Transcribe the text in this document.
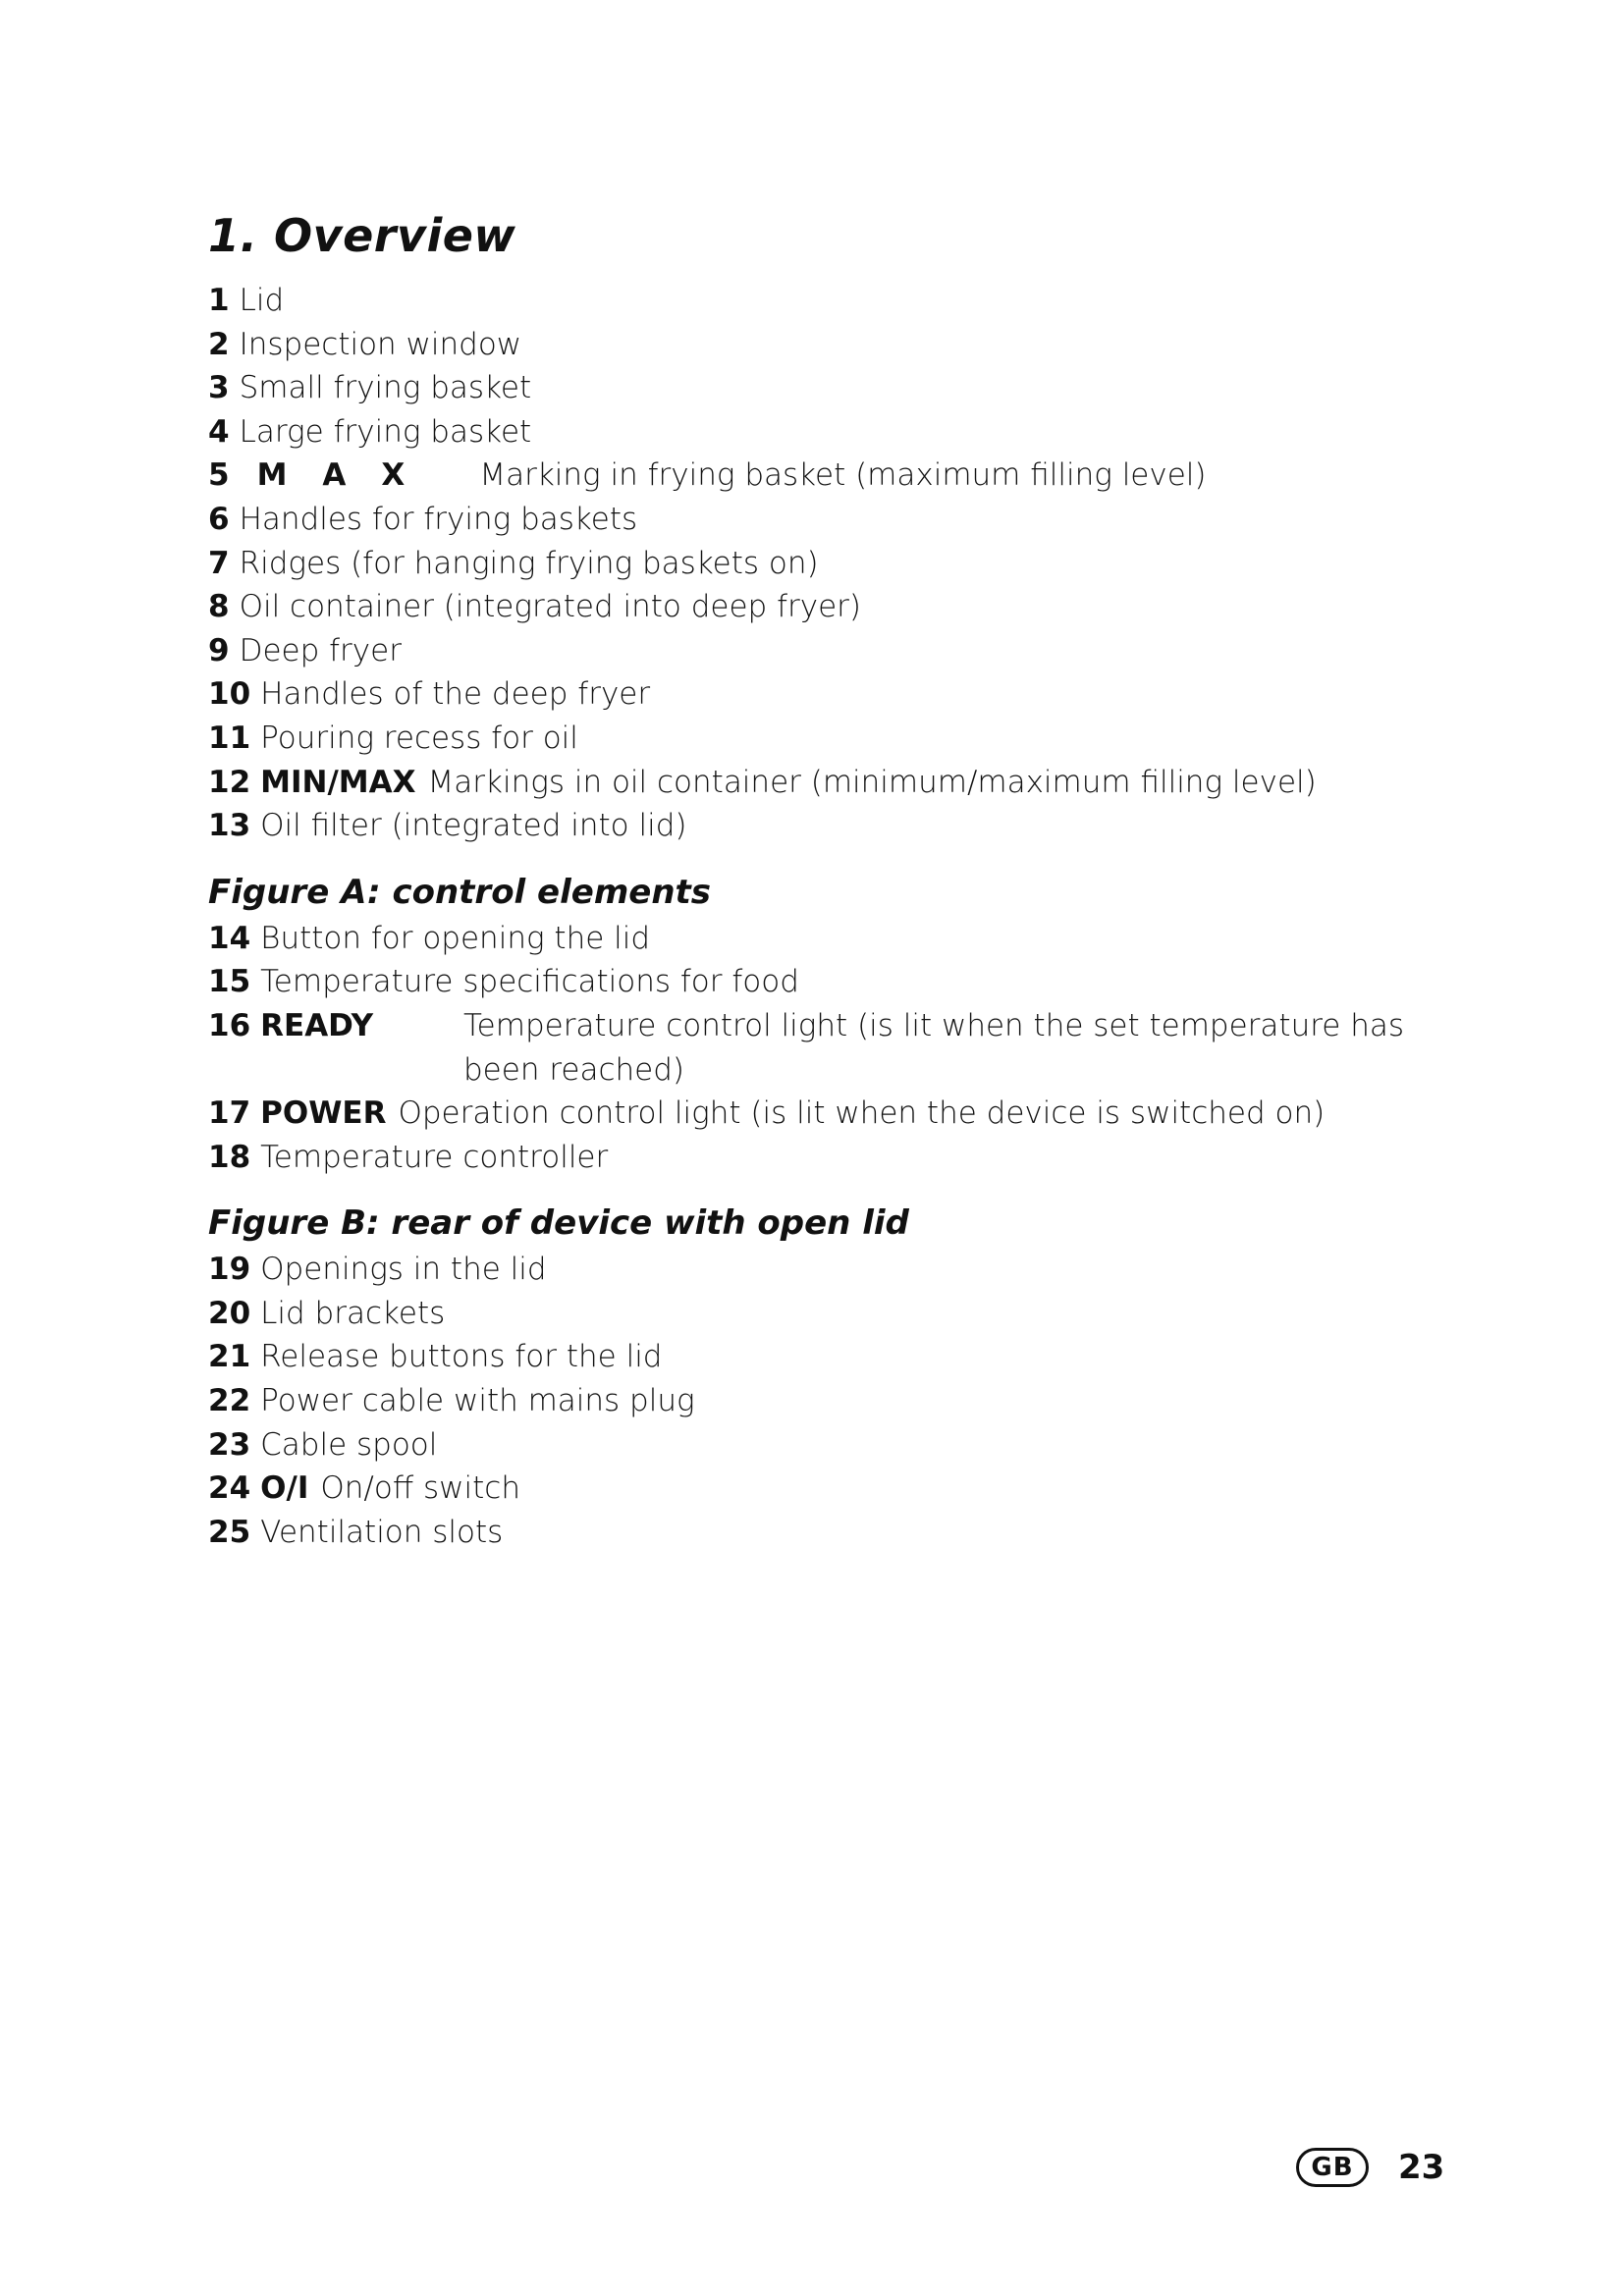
1. Overview
1 Lid
2 Inspection window
3 Small frying basket
4 Large frying basket
5 MAX Marking in frying basket (maximum filling level)
6 Handles for frying baskets
7 Ridges (for hanging frying baskets on)
8 Oil container (integrated into deep fryer)
9 Deep fryer
10 Handles of the deep fryer
11 Pouring recess for oil
12 MIN/MAX Markings in oil container (minimum/maximum filling level)
13 Oil filter (integrated into lid)
Figure A: control elements
14 Button for opening the lid
15 Temperature specifications for food
16 READY	Temperature control light (is lit when the set temperature has been reached)
17 POWER Operation control light (is lit when the device is switched on)
18 Temperature controller
Figure B: rear of device with open lid
19 Openings in the lid
20 Lid brackets
21 Release buttons for the lid
22 Power cable with mains plug
23 Cable spool
24 O/I On/off switch
25 Ventilation slots
GB	23
